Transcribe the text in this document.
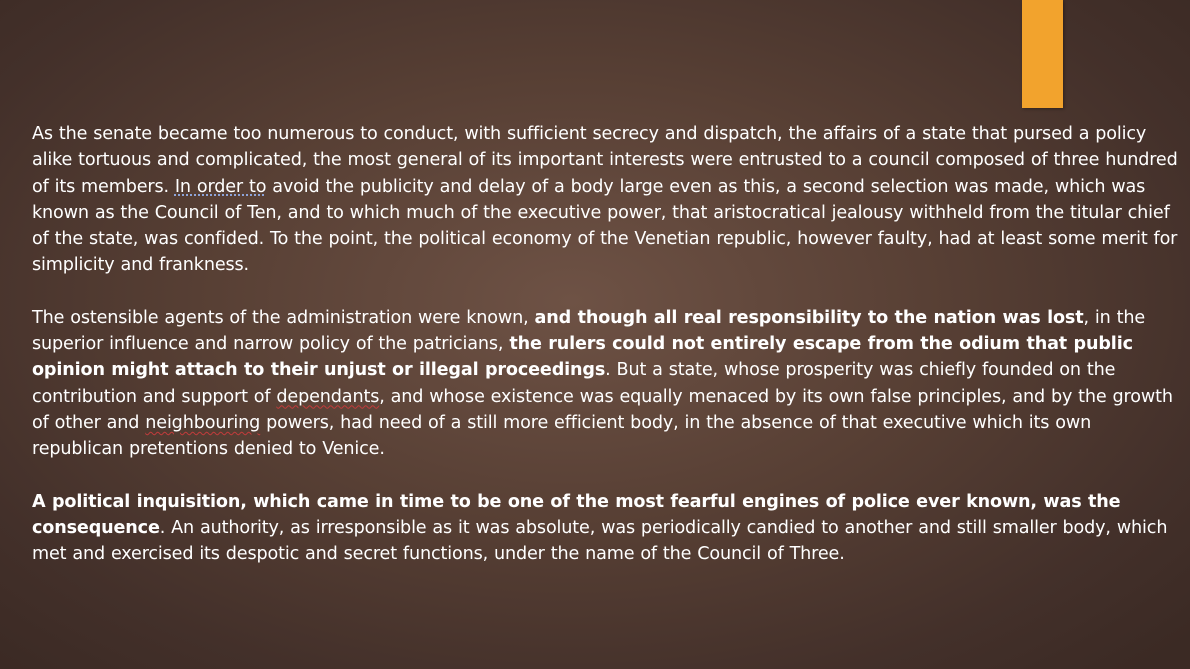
As the senate became too numerous to conduct, with sufficient secrecy and dispatch, the affairs of a state that pursed a policy alike tortuous and complicated, the most general of its important interests were entrusted to a council composed of three hundred of its members. In order to avoid the publicity and delay of a body large even as this, a second selection was made, which was known as the Council of Ten, and to which much of the executive power, that aristocratical jealousy withheld from the titular chief of the state, was confided. To the point, the political economy of the Venetian republic, however faulty, had at least some merit for simplicity and frankness.

The ostensible agents of the administration were known, and though all real responsibility to the nation was lost, in the superior influence and narrow policy of the patricians, the rulers could not entirely escape from the odium that public opinion might attach to their unjust or illegal proceedings. But a state, whose prosperity was chiefly founded on the contribution and support of dependants, and whose existence was equally menaced by its own false principles, and by the growth of other and neighbouring powers, had need of a still more efficient body, in the absence of that executive which its own republican pretentions denied to Venice.

A political inquisition, which came in time to be one of the most fearful engines of police ever known, was the consequence. An authority, as irresponsible as it was absolute, was periodically candied to another and still smaller body, which met and exercised its despotic and secret functions, under the name of the Council of Three.
